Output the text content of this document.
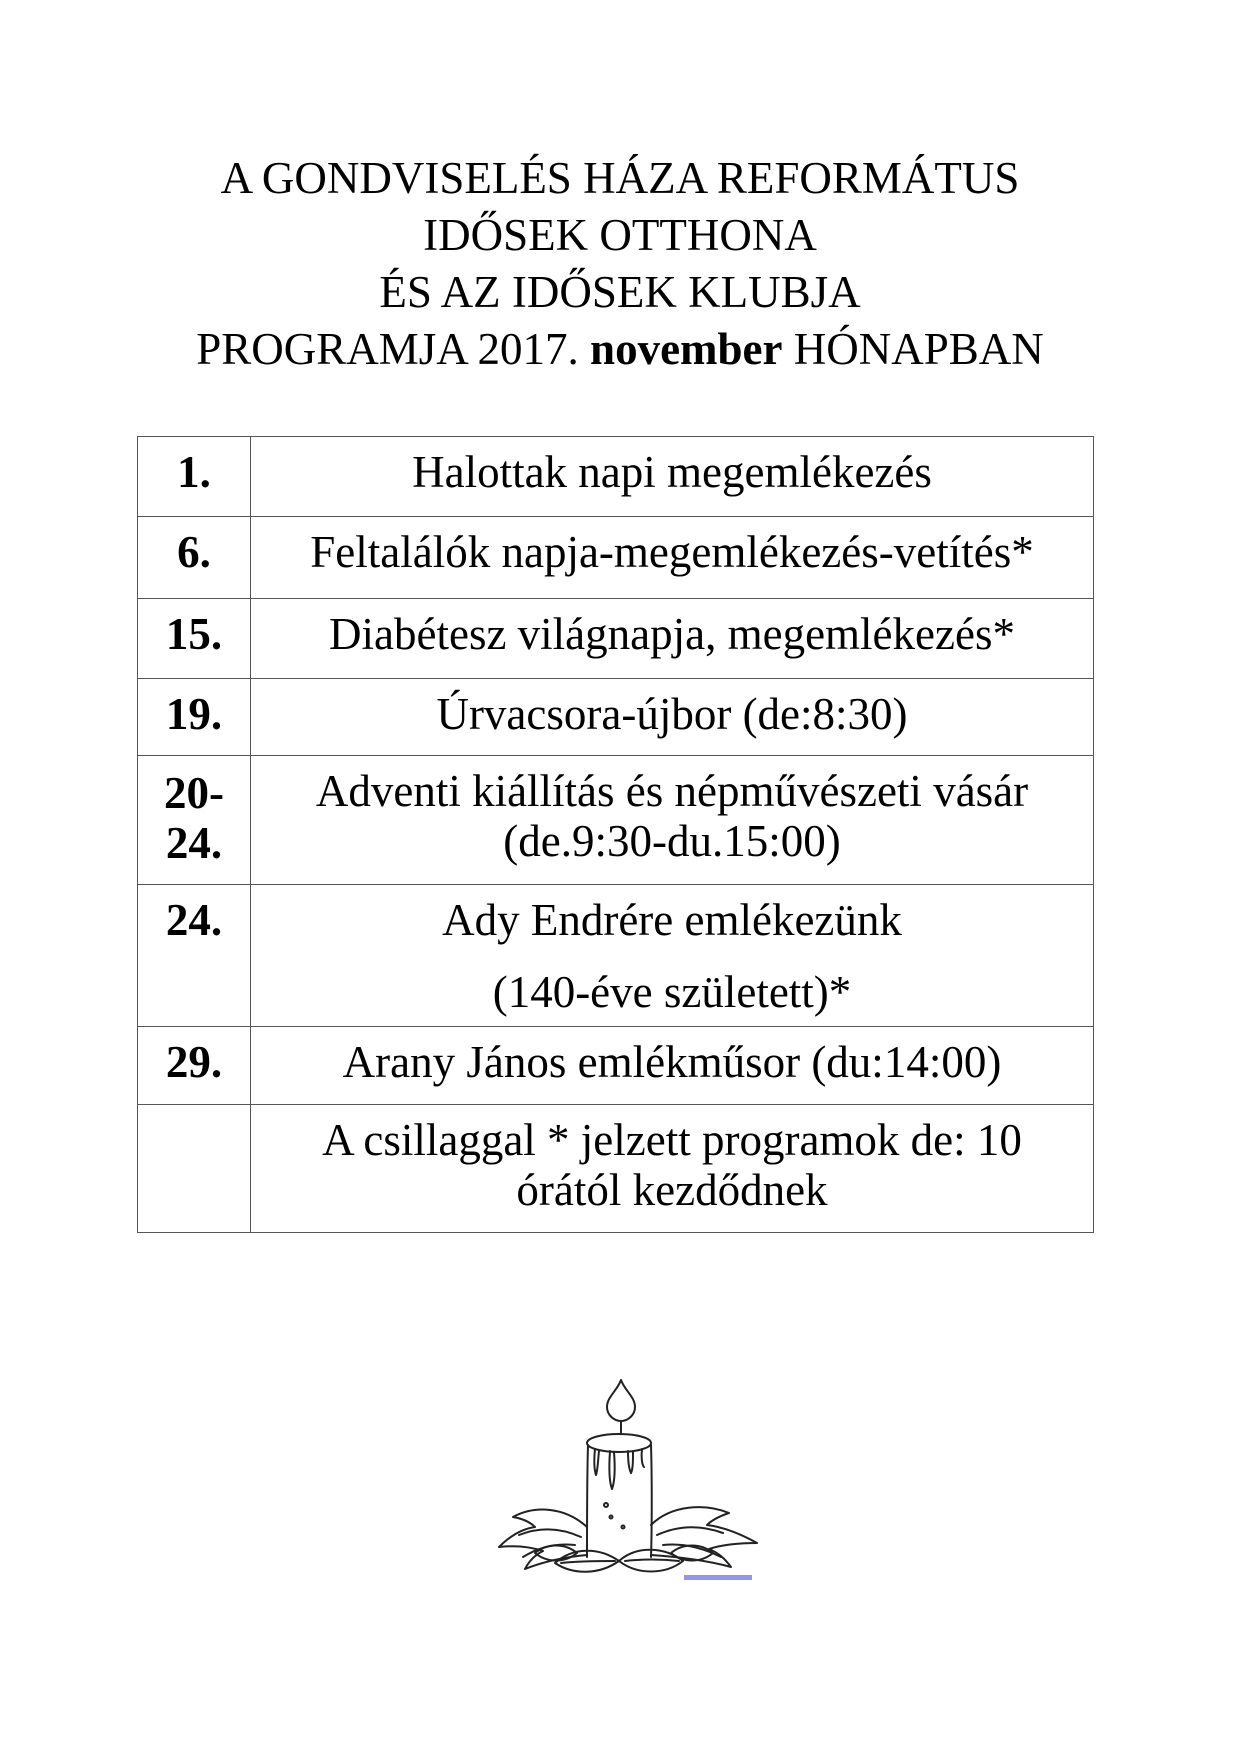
A GONDVISELÉS HÁZA REFORMÁTUS
IDŐSEK OTTHONA
ÉS AZ IDŐSEK KLUBJA
PROGRAMJA 2017. november HÓNAPBAN
1.	Halottak napi megemlékezés

6.	Feltalálók napja-megemlékezés-vetítés*

15.	Diabétesz világnapja, megemlékezés*

19.	Úrvacsora-újbor (de:8:30)

20-
24.	Adventi kiállítás és népművészeti vásár
(de.9:30-du.15:00)

24.	Ady Endrére emlékezünk
(140-éve született)*

29.	Arany János emlékműsor (du:14:00)

	A csillaggal * jelzett programok de: 10
órától kezdődnek
